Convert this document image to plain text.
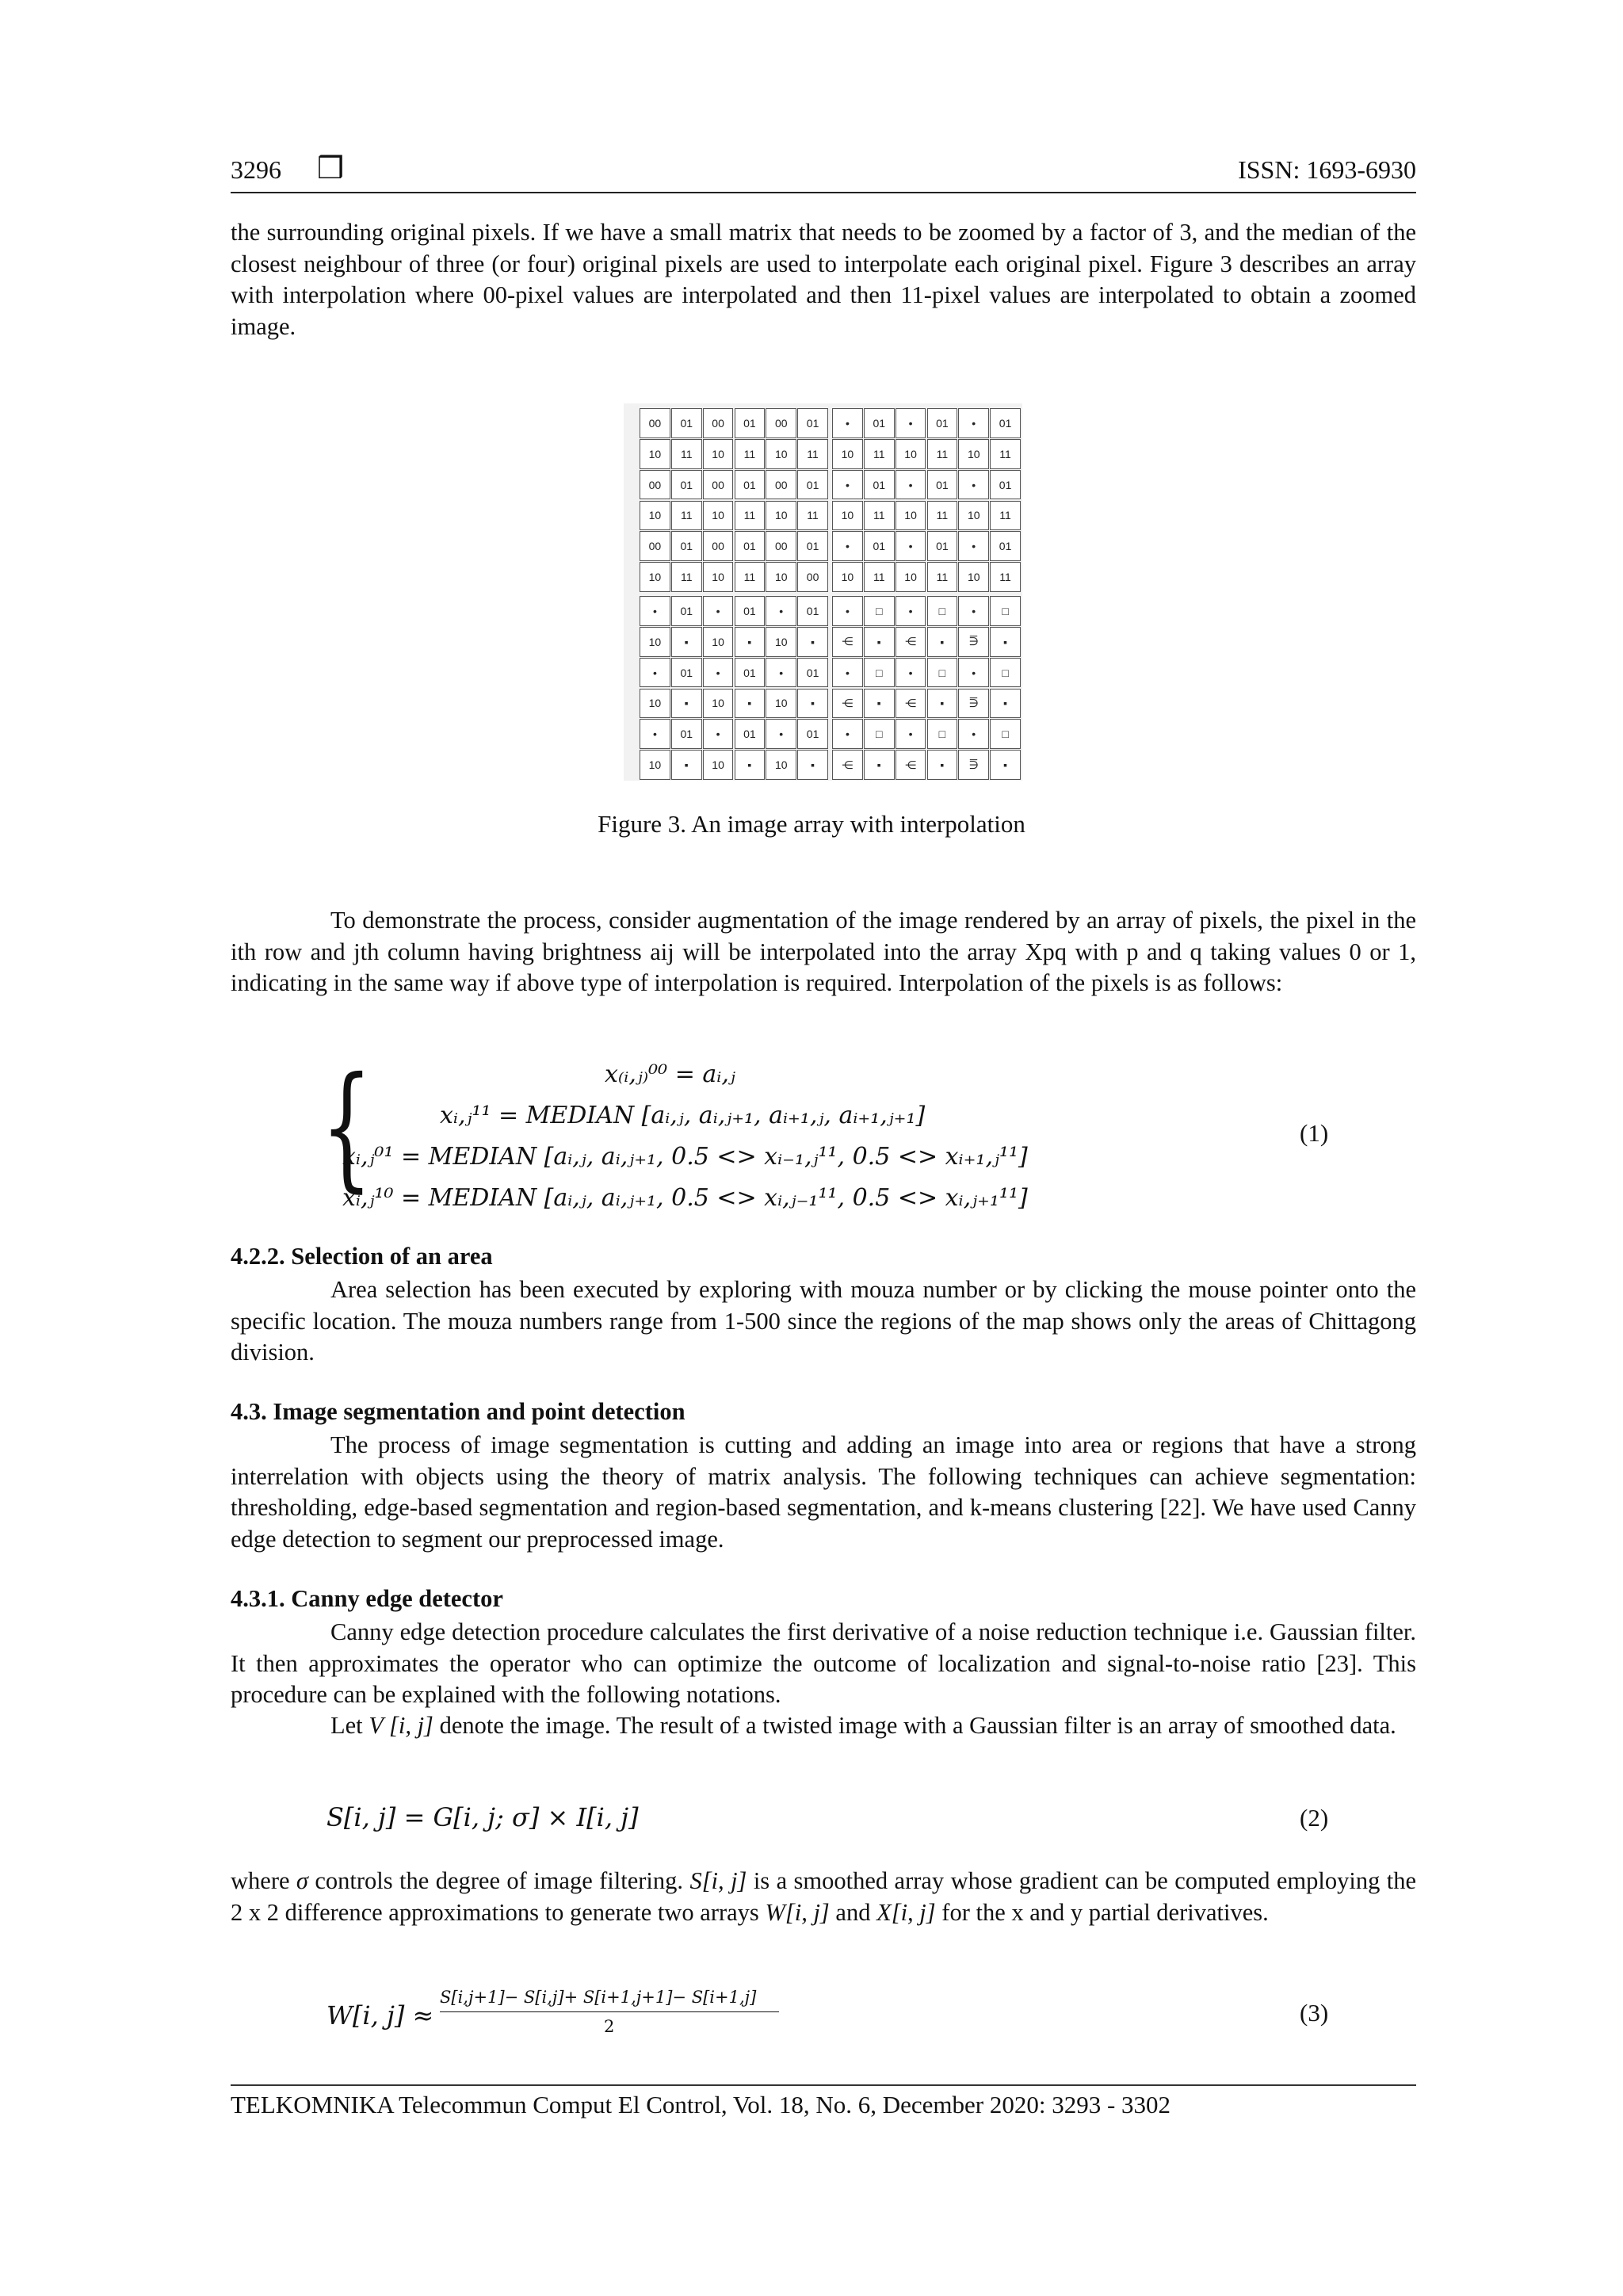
3296 ❒	ISSN: 1693-6930

the surrounding original pixels. If we have a small matrix that needs to be zoomed by a factor of 3, and the median of the closest neighbour of three (or four) original pixels are used to interpolate each original pixel. Figure 3 describes an array with interpolation where 00-pixel values are interpolated and then 11-pixel values are interpolated to obtain a zoomed image.

00	01	00	01	00	01	•	01	•	01	•	01
10	11	10	11	10	11	10	11	10	11	10	11
00	01	00	01	00	01	•	01	•	01	•	01
10	11	10	11	10	11	10	11	10	11	10	11
00	01	00	01	00	01	•	01	•	01	•	01
10	11	10	11	10	00	10	11	10	11	10	11
•	01	•	01	•	01	•	□	•	□	•	□
10	▪	10	▪	10	▪	⋲	▪	⋲	▪	⋽	▪
•	01	•	01	•	01	•	□	•	□	•	□
10	▪	10	▪	10	▪	⋲	▪	⋲	▪	⋽	▪
•	01	•	01	•	01	•	□	•	□	•	□
10	▪	10	▪	10	▪	⋲	▪	⋲	▪	⋽	▪
Figure 3. An image array with interpolation

To demonstrate the process, consider augmentation of the image rendered by an array of pixels, the pixel in the ith row and jth column having brightness aij will be interpolated into the array Xpq with p and q taking values 0 or 1, indicating in the same way if above type of interpolation is required. Interpolation of the pixels is as follows:

{	x₍ᵢ,ⱼ₎⁰⁰ = aᵢ,ⱼ
xᵢ,ⱼ¹¹ = MEDIAN [aᵢ,ⱼ, aᵢ,ⱼ₊₁, aᵢ₊₁,ⱼ, aᵢ₊₁,ⱼ₊₁]
xᵢ,ⱼ⁰¹ = MEDIAN [aᵢ,ⱼ, aᵢ,ⱼ₊₁, 0.5 <> xᵢ₋₁,ⱼ¹¹, 0.5 <> xᵢ₊₁,ⱼ¹¹]
xᵢ,ⱼ¹⁰ = MEDIAN [aᵢ,ⱼ, aᵢ,ⱼ₊₁, 0.5 <> xᵢ,ⱼ₋₁¹¹, 0.5 <> xᵢ,ⱼ₊₁¹¹]
(1)
4.2.2. Selection of an area

Area selection has been executed by exploring with mouza number or by clicking the mouse pointer onto the specific location. The mouza numbers range from 1-500 since the regions of the map shows only the areas of Chittagong division.

4.3. Image segmentation and point detection

The process of image segmentation is cutting and adding an image into area or regions that have a strong interrelation with objects using the theory of matrix analysis. The following techniques can achieve segmentation: thresholding, edge-based segmentation and region-based segmentation, and k-means clustering [22]. We have used Canny edge detection to segment our preprocessed image.

4.3.1. Canny edge detector

Canny edge detection procedure calculates the first derivative of a noise reduction technique i.e. Gaussian filter. It then approximates the operator who can optimize the outcome of localization and signal-to-noise ratio [23]. This procedure can be explained with the following notations.

Let V [i, j] denote the image. The result of a twisted image with a Gaussian filter is an array of smoothed data.

S[i, j] = G[i, j; σ] × I[i, j]	(2)

where σ controls the degree of image filtering. S[i, j] is a smoothed array whose gradient can be computed employing the 2 x 2 difference approximations to generate two arrays W[i, j] and X[i, j] for the x and y partial derivatives.

W[i, j] ≈
S[i,j+1]− S[i,j]+ S[i+1,j+1]− S[i+1,j]
2	(3)
TELKOMNIKA Telecommun Comput El Control, Vol. 18, No. 6, December 2020: 3293 - 3302
